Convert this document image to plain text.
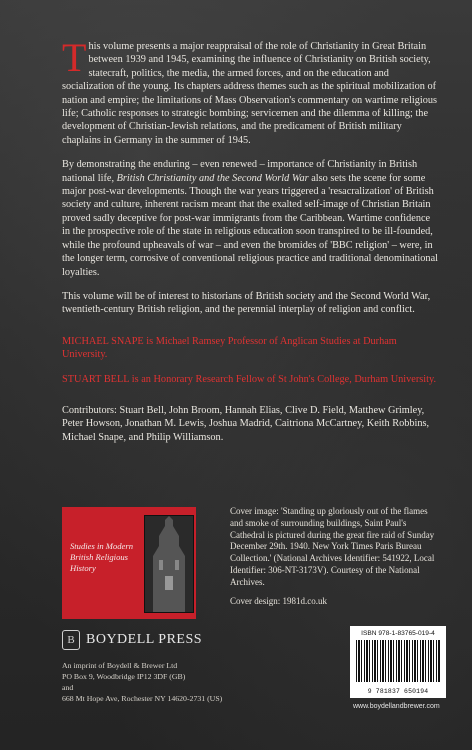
This volume presents a major reappraisal of the role of Christianity in Great Britain between 1939 and 1945, examining the influence of Christianity on British society, statecraft, politics, the media, the armed forces, and on the education and socialization of the young. Its chapters address themes such as the spiritual mobilization of nation and empire; the limitations of Mass Observation's commentary on wartime religious life; Catholic responses to strategic bombing; servicemen and the dilemma of killing; the development of Christian-Jewish relations, and the predicament of British military chaplains in Germany in the summer of 1945.

By demonstrating the enduring – even renewed – importance of Christianity in British national life, British Christianity and the Second World War also sets the scene for some major post-war developments. Though the war years triggered a 'resacralization' of British society and culture, inherent racism meant that the exalted self-image of Christian Britain proved sadly deceptive for post-war immigrants from the Caribbean. Wartime confidence in the prospective role of the state in religious education soon transpired to be ill-founded, while the profound upheavals of war – and even the bromides of 'BBC religion' – were, in the longer term, corrosive of conventional religious practice and traditional denominational loyalties.

This volume will be of interest to historians of British society and the Second World War, twentieth-century British religion, and the perennial interplay of religion and conflict.

MICHAEL SNAPE is Michael Ramsey Professor of Anglican Studies at Durham University.

STUART BELL is an Honorary Research Fellow of St John's College, Durham University.

Contributors: Stuart Bell, John Broom, Hannah Elias, Clive D. Field, Matthew Grimley, Peter Howson, Jonathan M. Lewis, Joshua Madrid, Caitriona McCartney, Keith Robbins, Michael Snape, and Philip Williamson.

Studies in Modern British Religious History

Cover image: 'Standing up gloriously out of the flames and smoke of surrounding buildings, Saint Paul's Cathedral is pictured during the great fire raid of Sunday December 29th. 1940. New York Times Paris Bureau Collection.' (National Archives Identifier: 541922, Local Identifier: 306-NT-3173V). Courtesy of the National Archives.

Cover design: 1981d.co.uk

B BOYDELL PRESS
An imprint of Boydell & Brewer Ltd
PO Box 9, Woodbridge IP12 3DF (GB)
and
668 Mt Hope Ave, Rochester NY 14620-2731 (US)
ISBN 978-1-83765-019-4
9 781837 650194
www.boydellandbrewer.com
